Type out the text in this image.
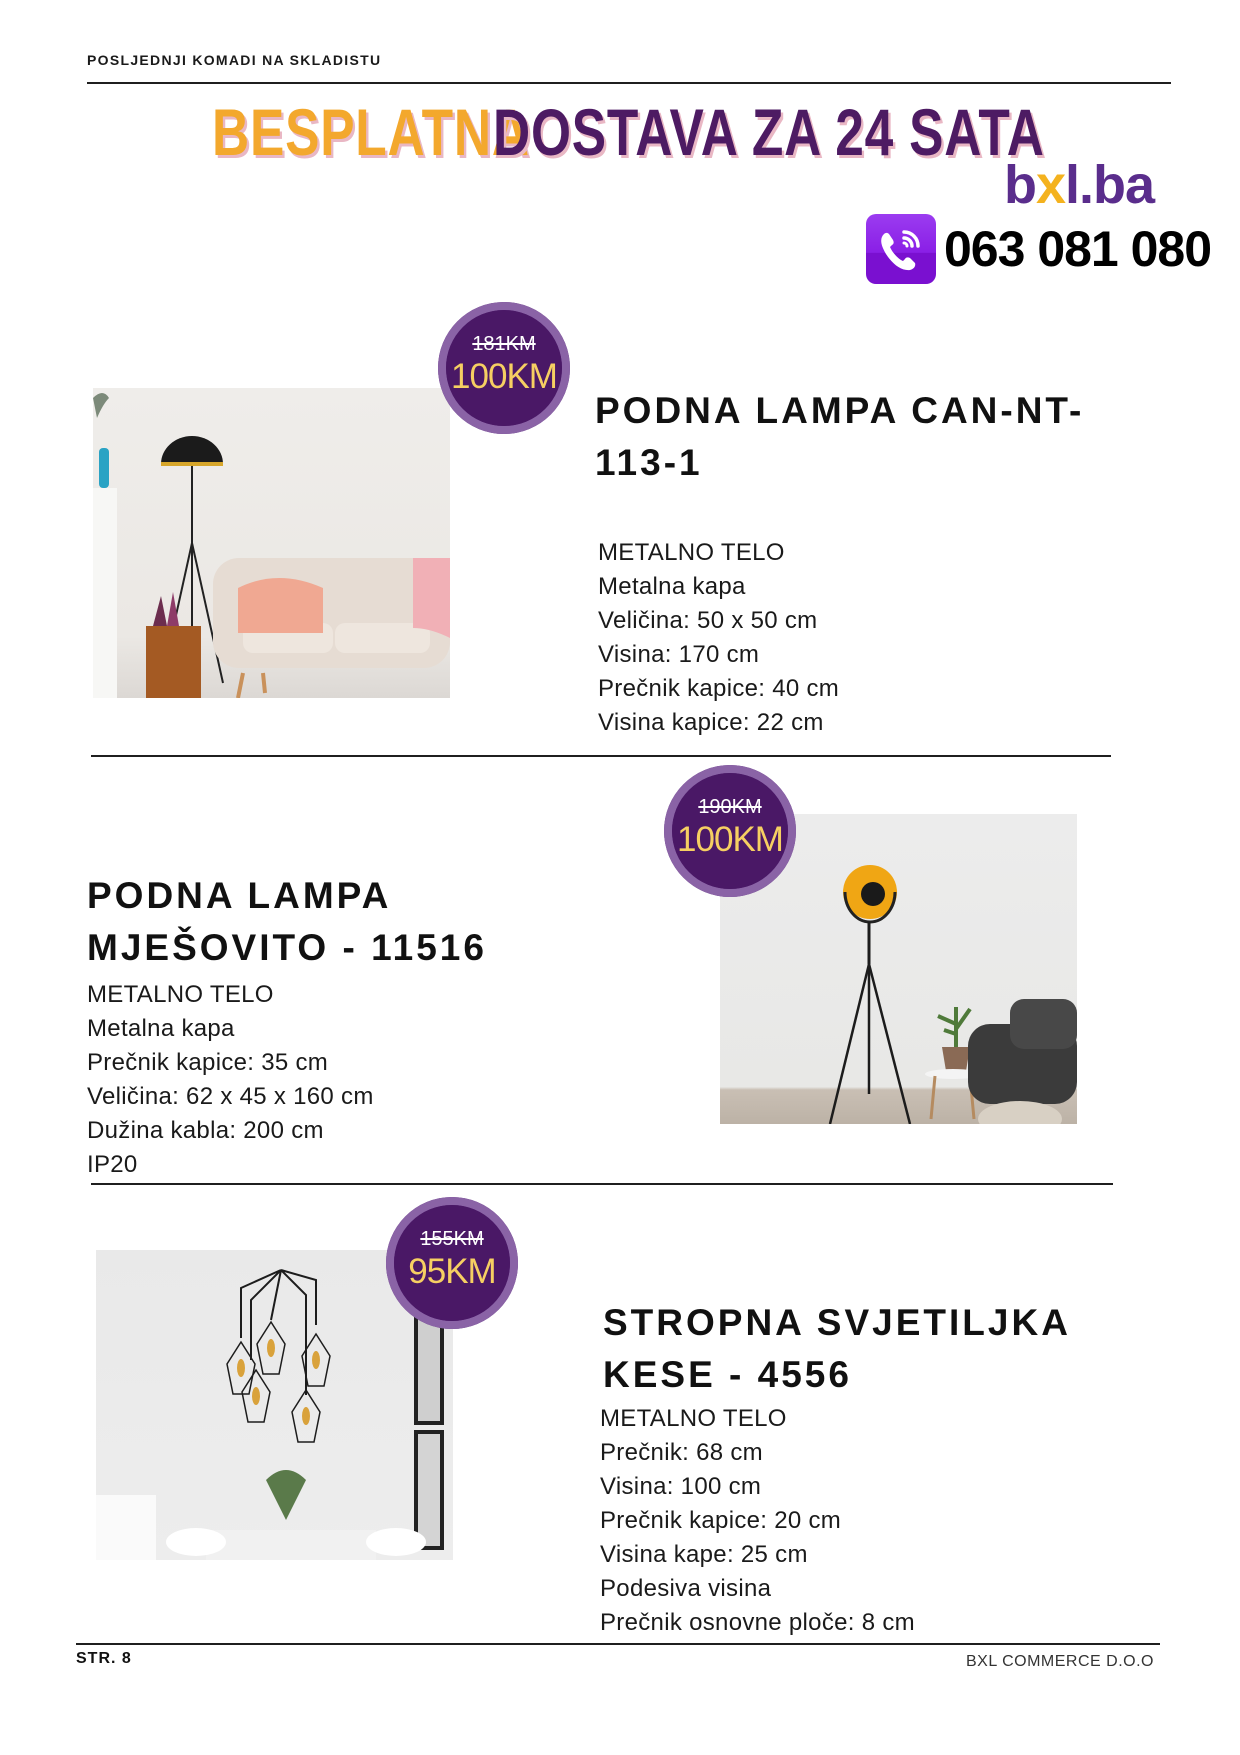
POSLJEDNJI KOMADI NA SKLADISTU
BESPLATNA
DOSTAVA ZA 24 SATA
bxl.ba
063 081 080
181KM
100KM
PODNA LAMPA CAN-NT-
113-1
METALNO TELO
Metalna kapa
Veličina: 50 x 50 cm
Visina: 170 cm
Prečnik kapice: 40 cm
Visina kapice: 22 cm
PODNA LAMPA
MJEŠOVITO - 11516
METALNO TELO
Metalna kapa
Prečnik kapice: 35 cm
Veličina: 62 x 45 x 160 cm
Dužina kabla: 200 cm
IP20
190KM
100KM
155KM
95KM
STROPNA SVJETILJKA
KESE - 4556
METALNO TELO
Prečnik: 68 cm
Visina: 100 cm
Prečnik kapice: 20 cm
Visina kape: 25 cm
Podesiva visina
Prečnik osnovne ploče: 8 cm
STR. 8	BXL COMMERCE D.O.O
